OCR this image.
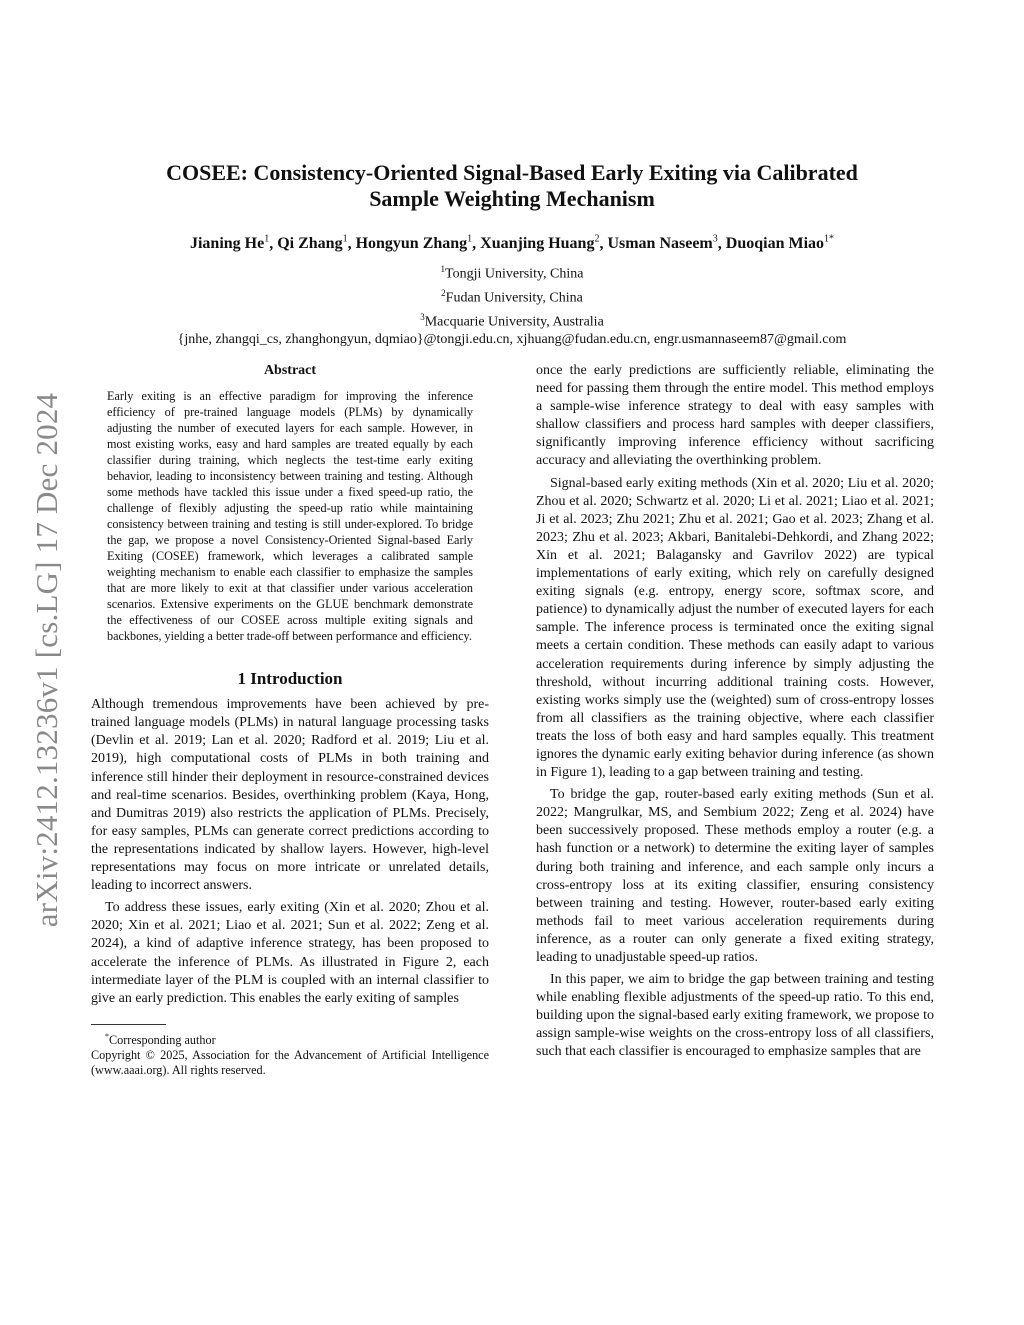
arXiv:2412.13236v1 [cs.LG] 17 Dec 2024
COSEE: Consistency-Oriented Signal-Based Early Exiting via Calibrated
Sample Weighting Mechanism
Jianing He$^1$, Qi Zhang$^1$, Hongyun Zhang$^1$, Xuanjing Huang$^2$, Usman Naseem$^3$, Duoqian Miao$^{1*}$
$^1$Tongji University, China
$^2$Fudan University, China
$^3$Macquarie University, Australia
{jnhe, zhangqi_cs, zhanghongyun, dqmiao}@tongji.edu.cn, xjhuang@fudan.edu.cn, engr.usmannaseem87@gmail.com
Abstract

Early exiting is an effective paradigm for improving the inference efficiency of pre-trained language models (PLMs) by dynamically adjusting the number of executed layers for each sample. However, in most existing works, easy and hard samples are treated equally by each classifier during training, which neglects the test-time early exiting behavior, leading to inconsistency between training and testing. Although some methods have tackled this issue under a fixed speed-up ratio, the challenge of flexibly adjusting the speed-up ratio while maintaining consistency between training and testing is still under-explored. To bridge the gap, we propose a novel Consistency-Oriented Signal-based Early Exiting (COSEE) framework, which leverages a calibrated sample weighting mechanism to enable each classifier to emphasize the samples that are more likely to exit at that classifier under various acceleration scenarios. Extensive experiments on the GLUE benchmark demonstrate the effectiveness of our COSEE across multiple exiting signals and backbones, yielding a better trade-off between performance and efficiency.

1 Introduction

Although tremendous improvements have been achieved by pre-trained language models (PLMs) in natural language processing tasks (Devlin et al. 2019; Lan et al. 2020; Radford et al. 2019; Liu et al. 2019), high computational costs of PLMs in both training and inference still hinder their deployment in resource-constrained devices and real-time scenarios. Besides, overthinking problem (Kaya, Hong, and Dumitras 2019) also restricts the application of PLMs. Precisely, for easy samples, PLMs can generate correct predictions according to the representations indicated by shallow layers. However, high-level representations may focus on more intricate or unrelated details, leading to incorrect answers.

To address these issues, early exiting (Xin et al. 2020; Zhou et al. 2020; Xin et al. 2021; Liao et al. 2021; Sun et al. 2022; Zeng et al. 2024), a kind of adaptive inference strategy, has been proposed to accelerate the inference of PLMs. As illustrated in Figure 2, each intermediate layer of the PLM is coupled with an internal classifier to give an early prediction. This enables the early exiting of samples

*Corresponding author

Copyright © 2025, Association for the Advancement of Artificial Intelligence (www.aaai.org). All rights reserved.

once the early predictions are sufficiently reliable, eliminating the need for passing them through the entire model. This method employs a sample-wise inference strategy to deal with easy samples with shallow classifiers and process hard samples with deeper classifiers, significantly improving inference efficiency without sacrificing accuracy and alleviating the overthinking problem.

Signal-based early exiting methods (Xin et al. 2020; Liu et al. 2020; Zhou et al. 2020; Schwartz et al. 2020; Li et al. 2021; Liao et al. 2021; Ji et al. 2023; Zhu 2021; Zhu et al. 2021; Gao et al. 2023; Zhang et al. 2023; Zhu et al. 2023; Akbari, Banitalebi-Dehkordi, and Zhang 2022; Xin et al. 2021; Balagansky and Gavrilov 2022) are typical implementations of early exiting, which rely on carefully designed exiting signals (e.g. entropy, energy score, softmax score, and patience) to dynamically adjust the number of executed layers for each sample. The inference process is terminated once the exiting signal meets a certain condition. These methods can easily adapt to various acceleration requirements during inference by simply adjusting the threshold, without incurring additional training costs. However, existing works simply use the (weighted) sum of cross-entropy losses from all classifiers as the training objective, where each classifier treats the loss of both easy and hard samples equally. This treatment ignores the dynamic early exiting behavior during inference (as shown in Figure 1), leading to a gap between training and testing.

To bridge the gap, router-based early exiting methods (Sun et al. 2022; Mangrulkar, MS, and Sembium 2022; Zeng et al. 2024) have been successively proposed. These methods employ a router (e.g. a hash function or a network) to determine the exiting layer of samples during both training and inference, and each sample only incurs a cross-entropy loss at its exiting classifier, ensuring consistency between training and testing. However, router-based early exiting methods fail to meet various acceleration requirements during inference, as a router can only generate a fixed exiting strategy, leading to unadjustable speed-up ratios.

In this paper, we aim to bridge the gap between training and testing while enabling flexible adjustments of the speed-up ratio. To this end, building upon the signal-based early exiting framework, we propose to assign sample-wise weights on the cross-entropy loss of all classifiers, such that each classifier is encouraged to emphasize samples that are
